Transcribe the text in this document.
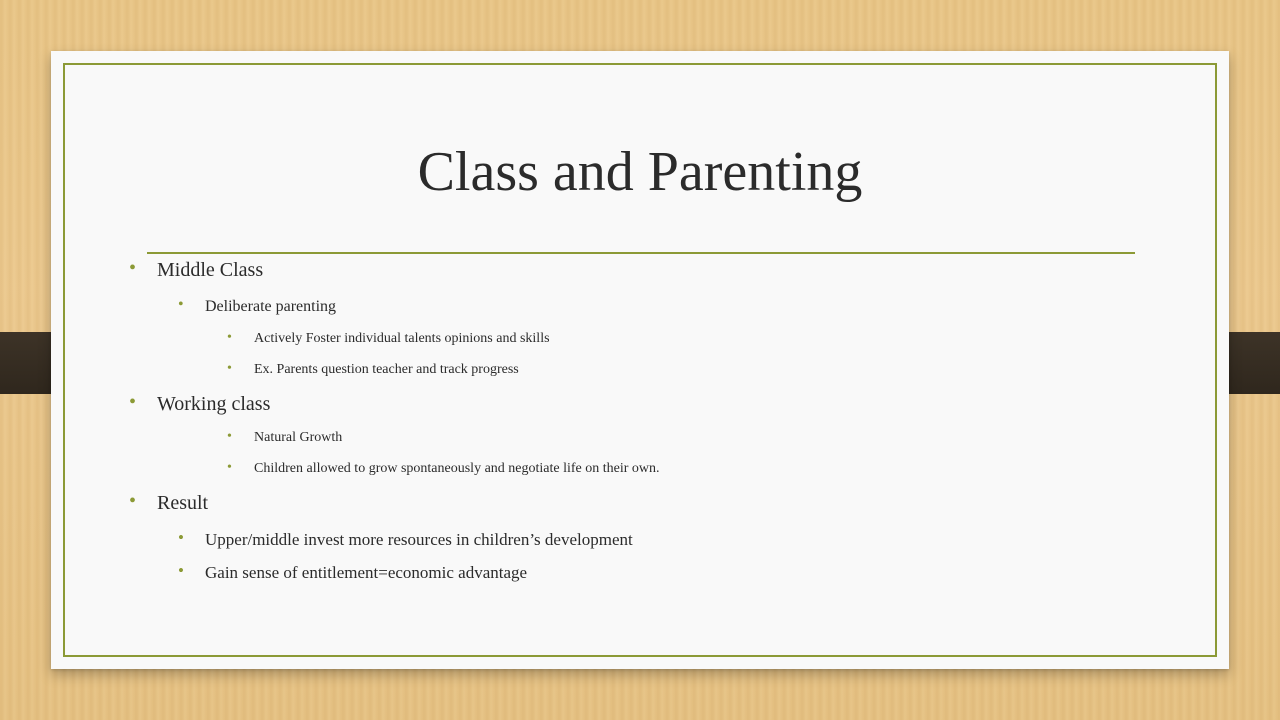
Class and Parenting
• Middle Class
• Deliberate parenting
• Actively Foster individual talents opinions and skills
• Ex. Parents question teacher and track progress
• Working class
• Natural Growth
• Children allowed to grow spontaneously and negotiate life on their own.
• Result
• Upper/middle invest more resources in children’s development
• Gain sense of entitlement=economic advantage
